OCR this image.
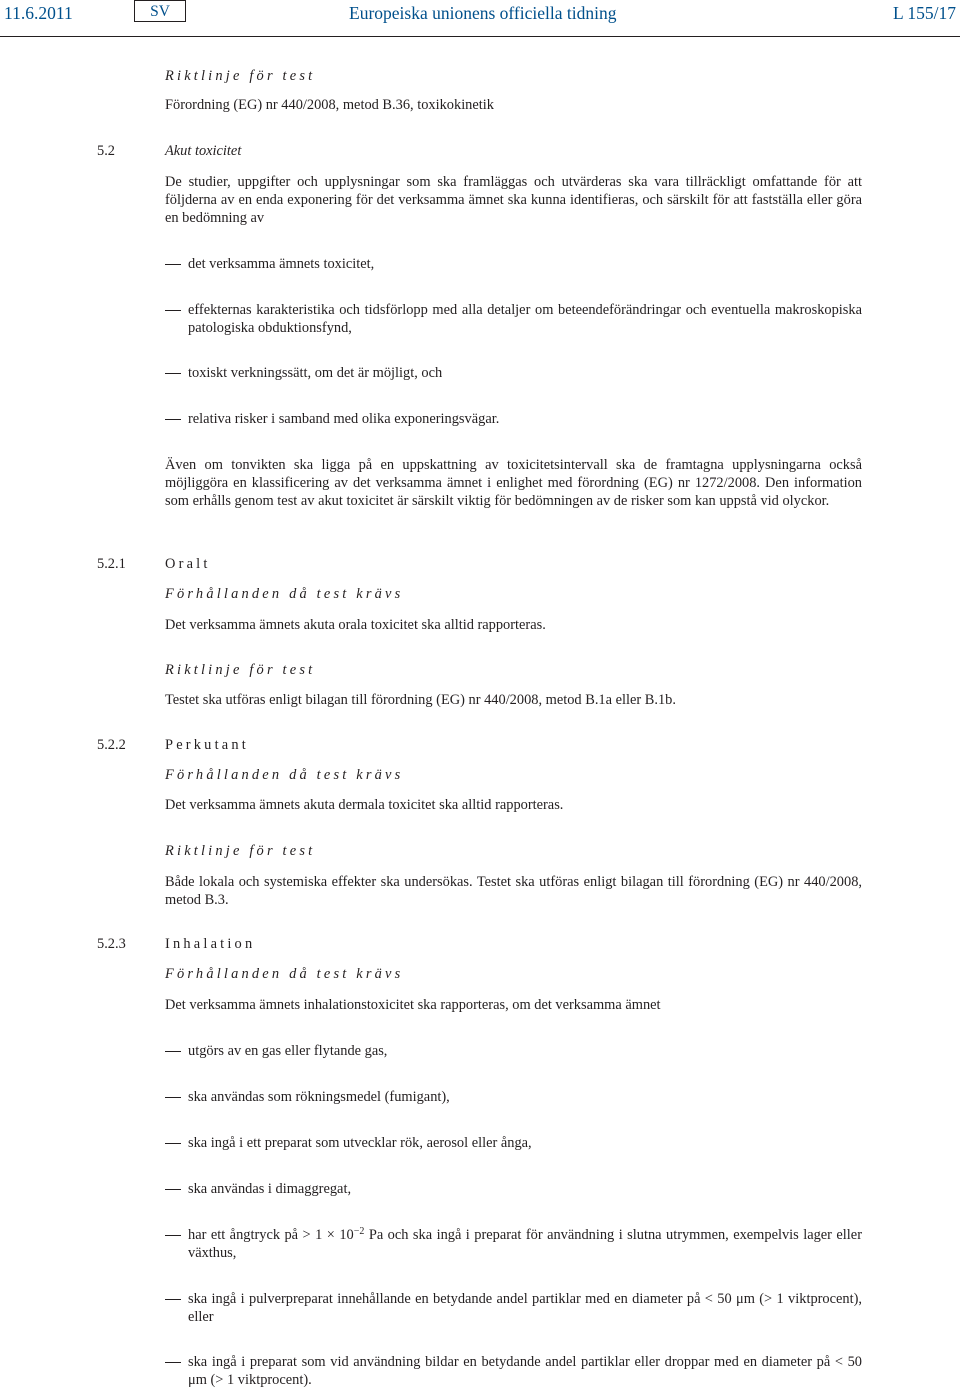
11.6.2011	SV	Europeiska unionens officiella tidning	L 155/17
Riktlinje för test
Förordning (EG) nr 440/2008, metod B.36, toxikokinetik
5.2	Akut toxicitet
De studier, uppgifter och upplysningar som ska framläggas och utvärderas ska vara tillräckligt omfattande för att följderna av en enda exponering för det verksamma ämnet ska kunna identifieras, och särskilt för att fastställa eller göra en bedömning av
det verksamma ämnets toxicitet,
effekternas karakteristika och tidsförlopp med alla detaljer om beteendeförändringar och eventuella makroskopiska patologiska obduktionsfynd,
toxiskt verkningssätt, om det är möjligt, och
relativa risker i samband med olika exponeringsvägar.
Även om tonvikten ska ligga på en uppskattning av toxicitetsintervall ska de framtagna upplysningarna också möjliggöra en klassificering av det verksamma ämnet i enlighet med förordning (EG) nr 1272/2008. Den information som erhålls genom test av akut toxicitet är särskilt viktig för bedömningen av de risker som kan uppstå vid olyckor.
5.2.1	Oralt
Förhållanden då test krävs
Det verksamma ämnets akuta orala toxicitet ska alltid rapporteras.
Riktlinje för test
Testet ska utföras enligt bilagan till förordning (EG) nr 440/2008, metod B.1a eller B.1b.
5.2.2	Perkutant
Förhållanden då test krävs
Det verksamma ämnets akuta dermala toxicitet ska alltid rapporteras.
Riktlinje för test
Både lokala och systemiska effekter ska undersökas. Testet ska utföras enligt bilagan till förordning (EG) nr 440/2008, metod B.3.
5.2.3	Inhalation
Förhållanden då test krävs
Det verksamma ämnets inhalationstoxicitet ska rapporteras, om det verksamma ämnet
utgörs av en gas eller flytande gas,
ska användas som rökningsmedel (fumigant),
ska ingå i ett preparat som utvecklar rök, aerosol eller ånga,
ska användas i dimaggregat,
har ett ångtryck på > $1 \times 10^{-2}$ Pa och ska ingå i preparat för användning i slutna utrymmen, exempelvis lager eller växthus,
ska ingå i pulverpreparat innehållande en betydande andel partiklar med en diameter på < 50 μm (> 1 viktprocent), eller
ska ingå i preparat som vid användning bildar en betydande andel partiklar eller droppar med en diameter på < 50 μm (> 1 viktprocent).
